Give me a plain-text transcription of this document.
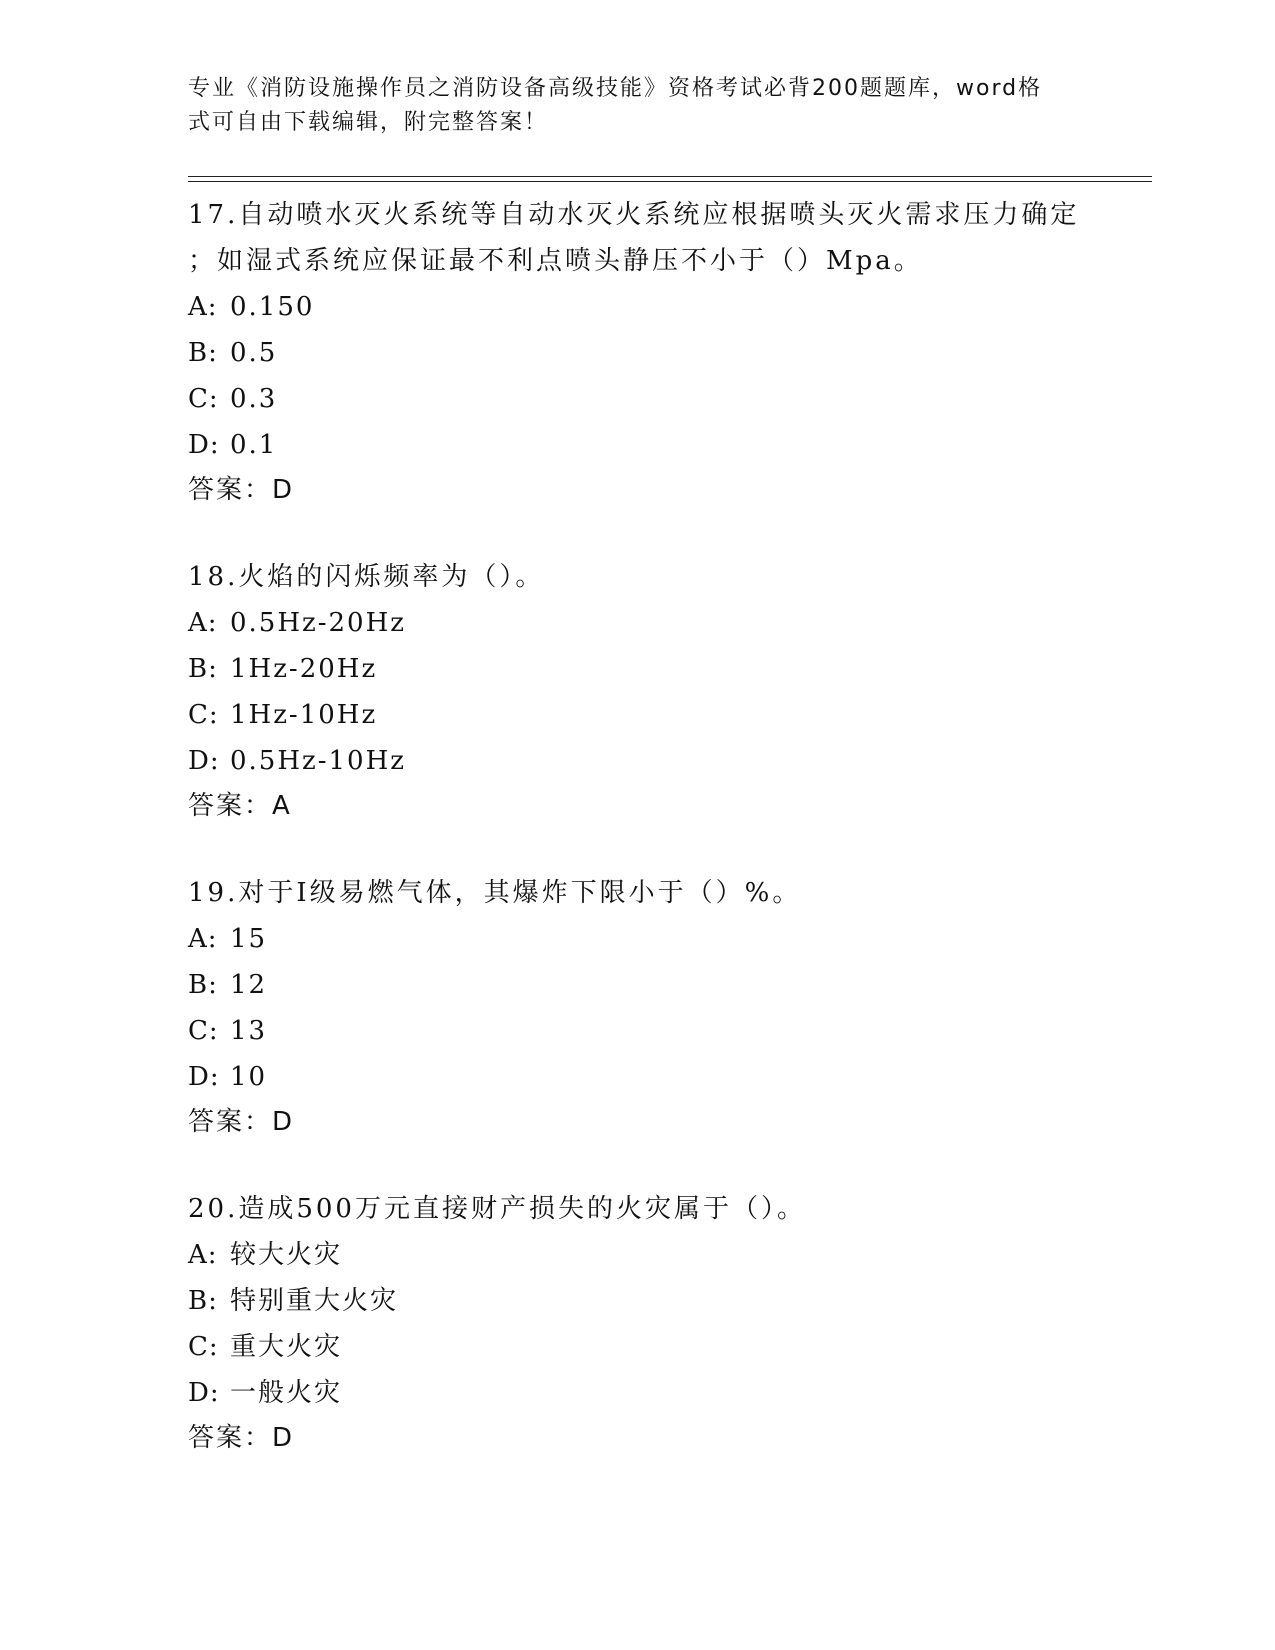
专业《消防设施操作员之消防设备高级技能》资格考试必背200题题库，word格
式可自由下载编辑，附完整答案！

17.自动喷水灭火系统等自动水灭火系统应根据喷头灭火需求压力确定

；如湿式系统应保证最不利点喷头静压不小于（）Mpa。

A: 0.150
B: 0.5
C: 0.3
D: 0.1

答案：D

18.火焰的闪烁频率为（）。

A: 0.5Hz-20Hz
B: 1Hz-20Hz
C: 1Hz-10Hz
D: 0.5Hz-10Hz

答案：A

19.对于Ⅰ级易燃气体，其爆炸下限小于（）%。

A: 15
B: 12
C: 13
D: 10

答案：D

20.造成500万元直接财产损失的火灾属于（）。

A: 较大火灾
B: 特别重大火灾
C: 重大火灾
D: 一般火灾

答案：D
